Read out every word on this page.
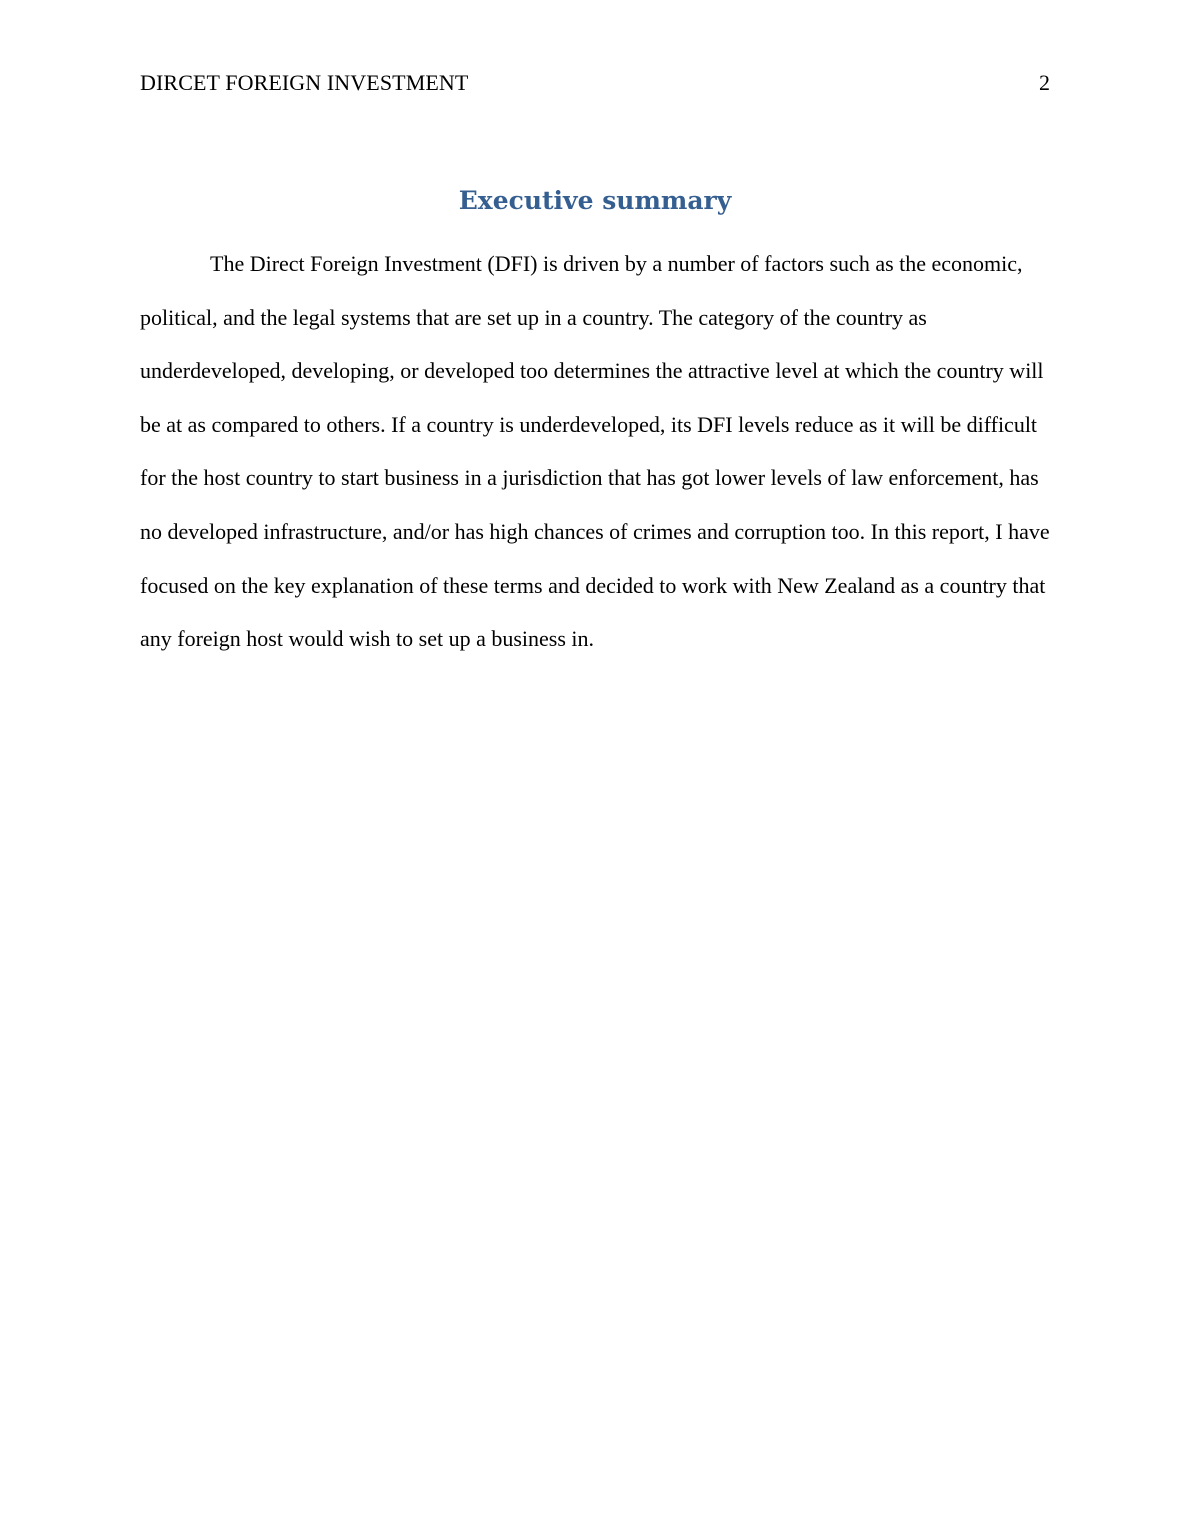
DIRCET FOREIGN INVESTMENT	2
Executive summary

The Direct Foreign Investment (DFI) is driven by a number of factors such as the economic, political, and the legal systems that are set up in a country. The category of the country as underdeveloped, developing, or developed too determines the attractive level at which the country will be at as compared to others. If a country is underdeveloped, its DFI levels reduce as it will be difficult for the host country to start business in a jurisdiction that has got lower levels of law enforcement, has no developed infrastructure, and/or has high chances of crimes and corruption too. In this report, I have focused on the key explanation of these terms and decided to work with New Zealand as a country that any foreign host would wish to set up a business in.
